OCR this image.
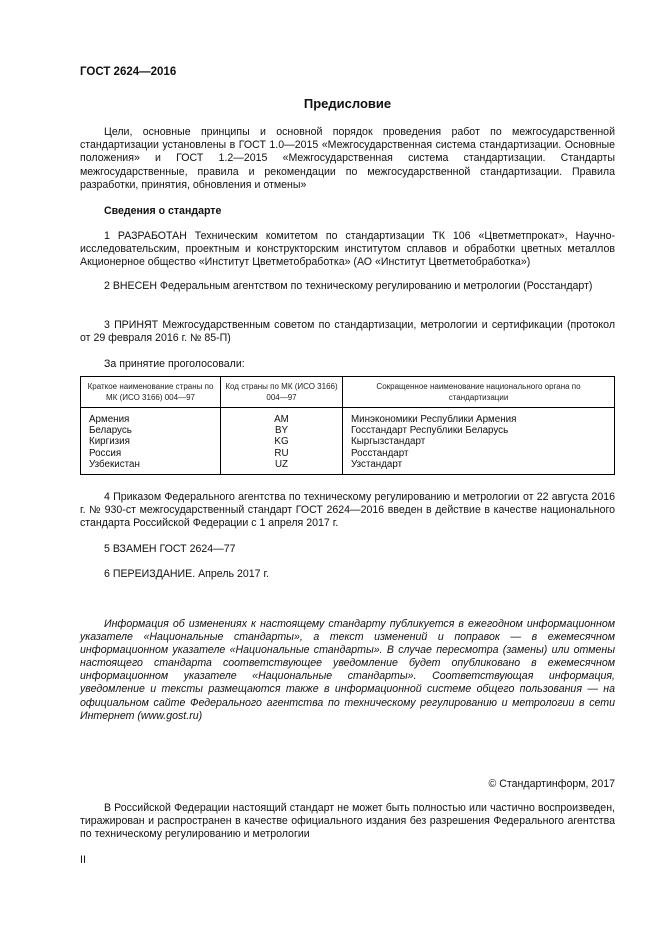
ГОСТ 2624—2016
Предисловие

Цели, основные принципы и основной порядок проведения работ по межгосударственной стандартизации установлены в ГОСТ 1.0—2015 «Межгосударственная система стандартизации. Основные положения» и ГОСТ 1.2—2015 «Межгосударственная система стандартизации. Стандарты межгосударственные, правила и рекомендации по межгосударственной стандартизации. Правила разработки, принятия, обновления и отмены»

Сведения о стандарте

1 РАЗРАБОТАН Техническим комитетом по стандартизации ТК 106 «Цветметпрокат», Научно-исследовательским, проектным и конструкторским институтом сплавов и обработки цветных металлов Акционерное общество «Институт Цветметобработка» (АО «Институт Цветметобработка»)

2 ВНЕСЕН Федеральным агентством по техническому регулированию и метрологии (Росстандарт)

3 ПРИНЯТ Межгосударственным советом по стандартизации, метрологии и сертификации (протокол от 29 февраля 2016 г. № 85-П)

За принятие проголосовали:
Краткое наименование страны по МК (ИСО 3166) 004—97	Код страны по МК (ИСО 3166) 004—97	Сокращенное наименование национального органа по стандартизации
Армения	AM	Минэкономики Республики Армения
Беларусь	BY	Госстандарт Республики Беларусь
Киргизия	KG	Кыргызстандарт
Россия	RU	Росстандарт
Узбекистан	UZ	Узстандарт

4 Приказом Федерального агентства по техническому регулированию и метрологии от 22 августа 2016 г. № 930-ст межгосударственный стандарт ГОСТ 2624—2016 введен в действие в качестве национального стандарта Российской Федерации с 1 апреля 2017 г.

5 ВЗАМЕН ГОСТ 2624—77

6 ПЕРЕИЗДАНИЕ. Апрель 2017 г.

Информация об изменениях к настоящему стандарту публикуется в ежегодном информационном указателе «Национальные стандарты», а текст изменений и поправок — в ежемесячном информационном указателе «Национальные стандарты». В случае пересмотра (замены) или отмены настоящего стандарта соответствующее уведомление будет опубликовано в ежемесячном информационном указателе «Национальные стандарты». Соответствующая информация, уведомление и тексты размещаются также в информационной системе общего пользования — на официальном сайте Федерального агентства по техническому регулированию и метрологии в сети Интернет (www.gost.ru)

© Стандартинформ, 2017

В Российской Федерации настоящий стандарт не может быть полностью или частично воспроизведен, тиражирован и распространен в качестве официального издания без разрешения Федерального агентства по техническому регулированию и метрологии

II
